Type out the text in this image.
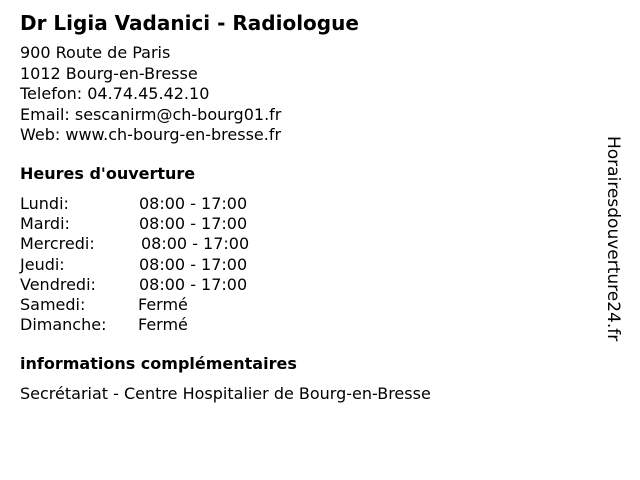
Dr Ligia Vadanici - Radiologue
900 Route de Paris
1012 Bourg-en-Bresse
Telefon: 04.74.45.42.10
Email: sescanirm@ch-bourg01.fr
Web: www.ch-bourg-en-bresse.fr
Heures d'ouverture
Lundi:	08:00 - 17:00
Mardi:	08:00 - 17:00
Mercredi:	08:00 - 17:00
Jeudi:	08:00 - 17:00
Vendredi:	08:00 - 17:00
Samedi:	Fermé
Dimanche:	Fermé
informations complémentaires
Secrétariat - Centre Hospitalier de Bourg-en-Bresse
Horairesdouverture24.fr
